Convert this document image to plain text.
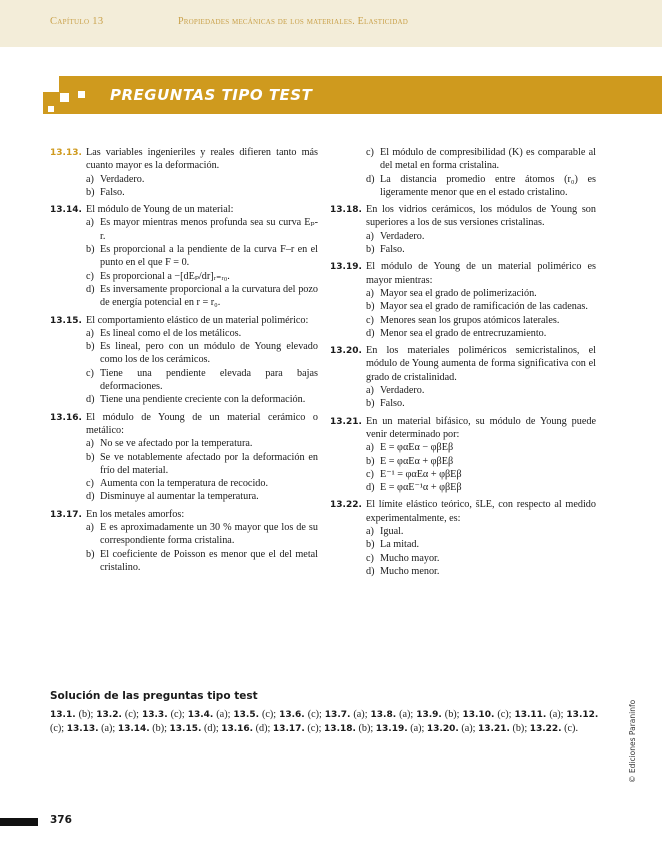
Capítulo 13	Propiedades mecánicas de los materiales. Elasticidad
PREGUNTAS TIPO TEST
13.13. Las variables ingenieriles y reales difieren tanto más cuanto mayor es la deformación.
a) Verdadero.
b) Falso.
13.14. El módulo de Young de un material:
a) Es mayor mientras menos profunda sea su curva Eₚ-r.
b) Es proporcional a la pendiente de la curva F–r en el punto en el que F = 0.
c) Es proporcional a −[dEₚ/dr]ᵣ₌ᵣ₀.
d) Es inversamente proporcional a la curvatura del pozo de energía potencial en r = r₀.
13.15. El comportamiento elástico de un material polimérico:
a) Es lineal como el de los metálicos.
b) Es lineal, pero con un módulo de Young elevado como los de los cerámicos.
c) Tiene una pendiente elevada para bajas deformaciones.
d) Tiene una pendiente creciente con la deformación.
13.16. El módulo de Young de un material cerámico o metálico:
a) No se ve afectado por la temperatura.
b) Se ve notablemente afectado por la deformación en frío del material.
c) Aumenta con la temperatura de recocido.
d) Disminuye al aumentar la temperatura.
13.17. En los metales amorfos:
a) E es aproximadamente un 30 % mayor que los de su correspondiente forma cristalina.
b) El coeficiente de Poisson es menor que el del metal cristalino.
c) El módulo de compresibilidad (K) es comparable al del metal en forma cristalina.
d) La distancia promedio entre átomos (r₀) es ligeramente menor que en el estado cristalino.
13.18. En los vidrios cerámicos, los módulos de Young son superiores a los de sus versiones cristalinas.
a) Verdadero.
b) Falso.
13.19. El módulo de Young de un material polimérico es mayor mientras:
a) Mayor sea el grado de polimerización.
b) Mayor sea el grado de ramificación de las cadenas.
c) Menores sean los grupos atómicos laterales.
d) Menor sea el grado de entrecruzamiento.
13.20. En los materiales poliméricos semicristalinos, el módulo de Young aumenta de forma significativa con el grado de cristalinidad.
a) Verdadero.
b) Falso.
13.21. En un material bifásico, su módulo de Young puede venir determinado por:
a) E = φαEα − φβEβ
b) E = φαEα + φβEβ
c) E⁻¹ = φαEα + φβEβ
d) E = φαE⁻¹α + φβEβ
13.22. El límite elástico teórico, s̃LE, con respecto al medido experimentalmente, es:
a) Igual.
b) La mitad.
c) Mucho mayor.
d) Mucho menor.
Solución de las preguntas tipo test
13.1. (b); 13.2. (c); 13.3. (c); 13.4. (a); 13.5. (c); 13.6. (c); 13.7. (a); 13.8. (a); 13.9. (b); 13.10. (c); 13.11. (a); 13.12. (c); 13.13. (a); 13.14. (b); 13.15. (d); 13.16. (d); 13.17. (c); 13.18. (b); 13.19. (a); 13.20. (a); 13.21. (b); 13.22. (c).
376
© Ediciones Paraninfo
